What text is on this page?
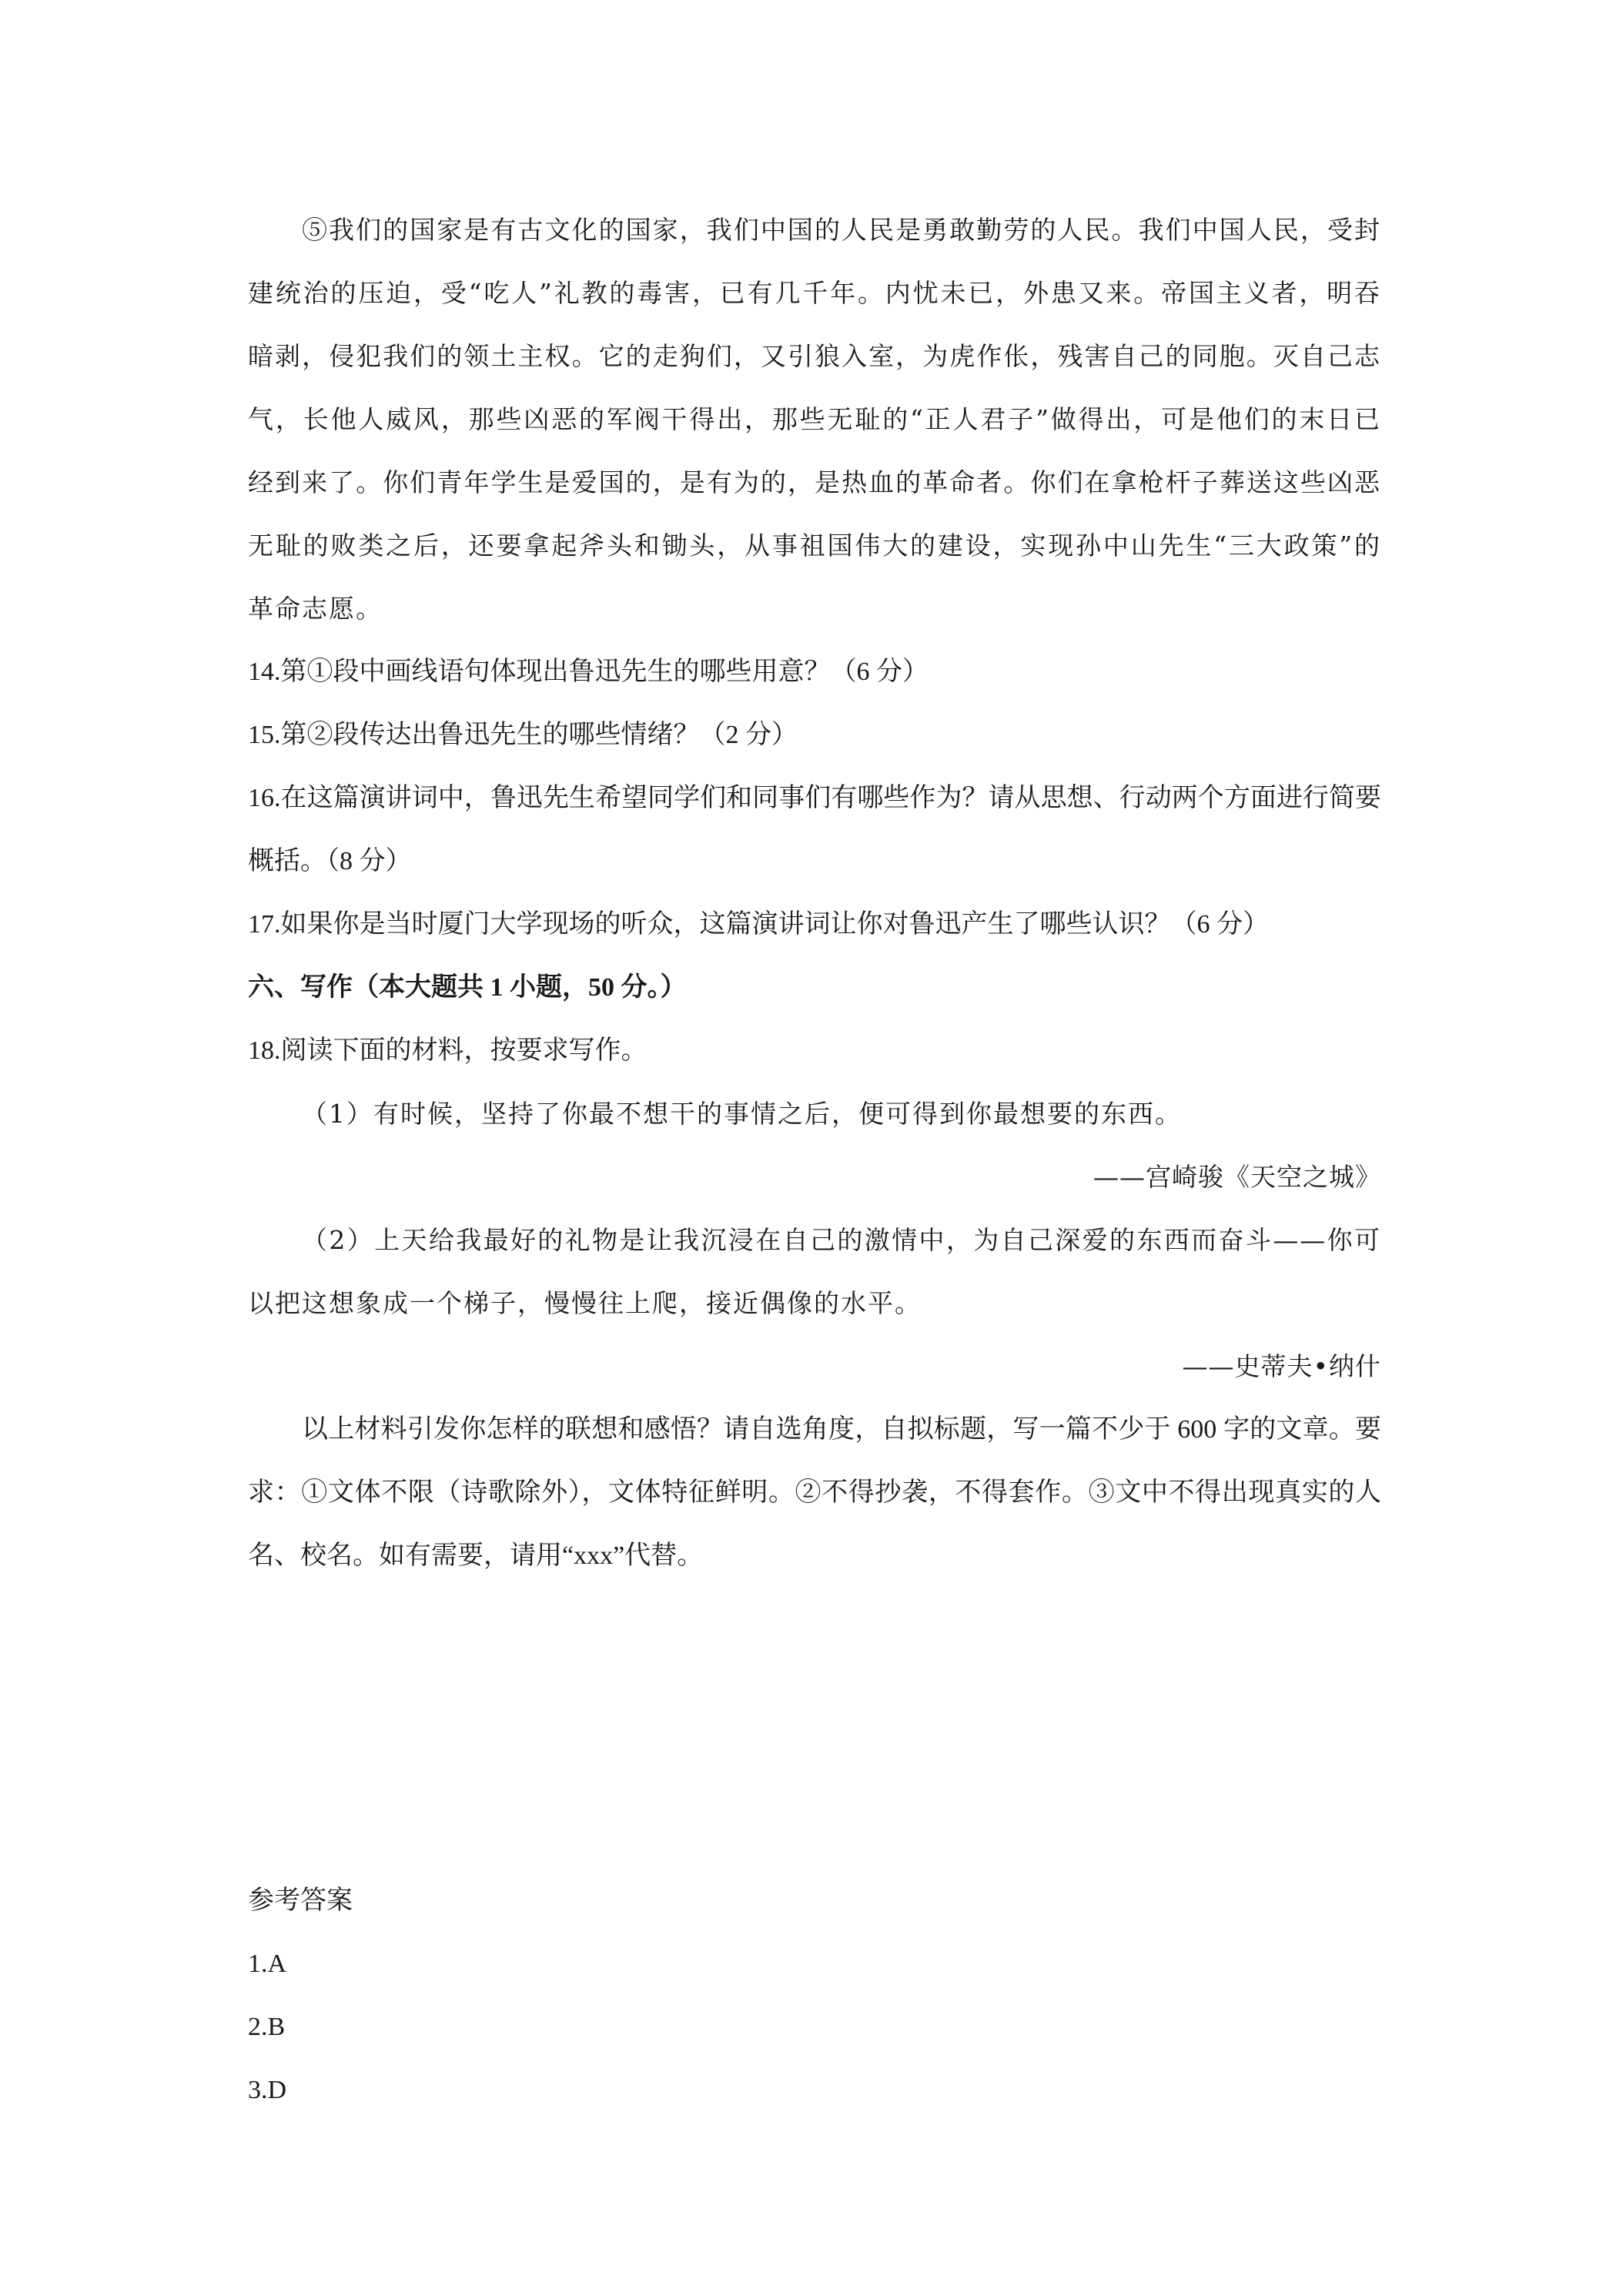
⑤我们的国家是有古文化的国家，我们中国的人民是勇敢勤劳的人民。我们中国人民，受封建统治的压迫，受“吃人”礼教的毒害，已有几千年。内忧未已，外患又来。帝国主义者，明吞暗剥，侵犯我们的领土主权。它的走狗们，又引狼入室，为虎作伥，残害自己的同胞。灭自己志气，长他人威风，那些凶恶的军阀干得出，那些无耻的“正人君子”做得出，可是他们的末日已经到来了。你们青年学生是爱国的，是有为的，是热血的革命者。你们在拿枪杆子葬送这些凶恶无耻的败类之后，还要拿起斧头和锄头，从事祖国伟大的建设，实现孙中山先生“三大政策”的革命志愿。

14.第①段中画线语句体现出鲁迅先生的哪些用意？（6 分）

15.第②段传达出鲁迅先生的哪些情绪？（2 分）

16.在这篇演讲词中，鲁迅先生希望同学们和同事们有哪些作为？请从思想、行动两个方面进行简要概括。（8 分）

17.如果你是当时厦门大学现场的听众，这篇演讲词让你对鲁迅产生了哪些认识？（6 分）

六、写作（本大题共 1 小题，50 分。）

18.阅读下面的材料，按要求写作。

（1）有时候，坚持了你最不想干的事情之后，便可得到你最想要的东西。

——宫崎骏《天空之城》

（2）上天给我最好的礼物是让我沉浸在自己的激情中，为自己深爱的东西而奋斗——你可以把这想象成一个梯子，慢慢往上爬，接近偶像的水平。

——史蒂夫•纳什

以上材料引发你怎样的联想和感悟？请自选角度，自拟标题，写一篇不少于 600 字的文章。要求：①文体不限（诗歌除外），文体特征鲜明。②不得抄袭，不得套作。③文中不得出现真实的人名、校名。如有需要，请用“xxx”代替。

参考答案

1.A

2.B

3.D
